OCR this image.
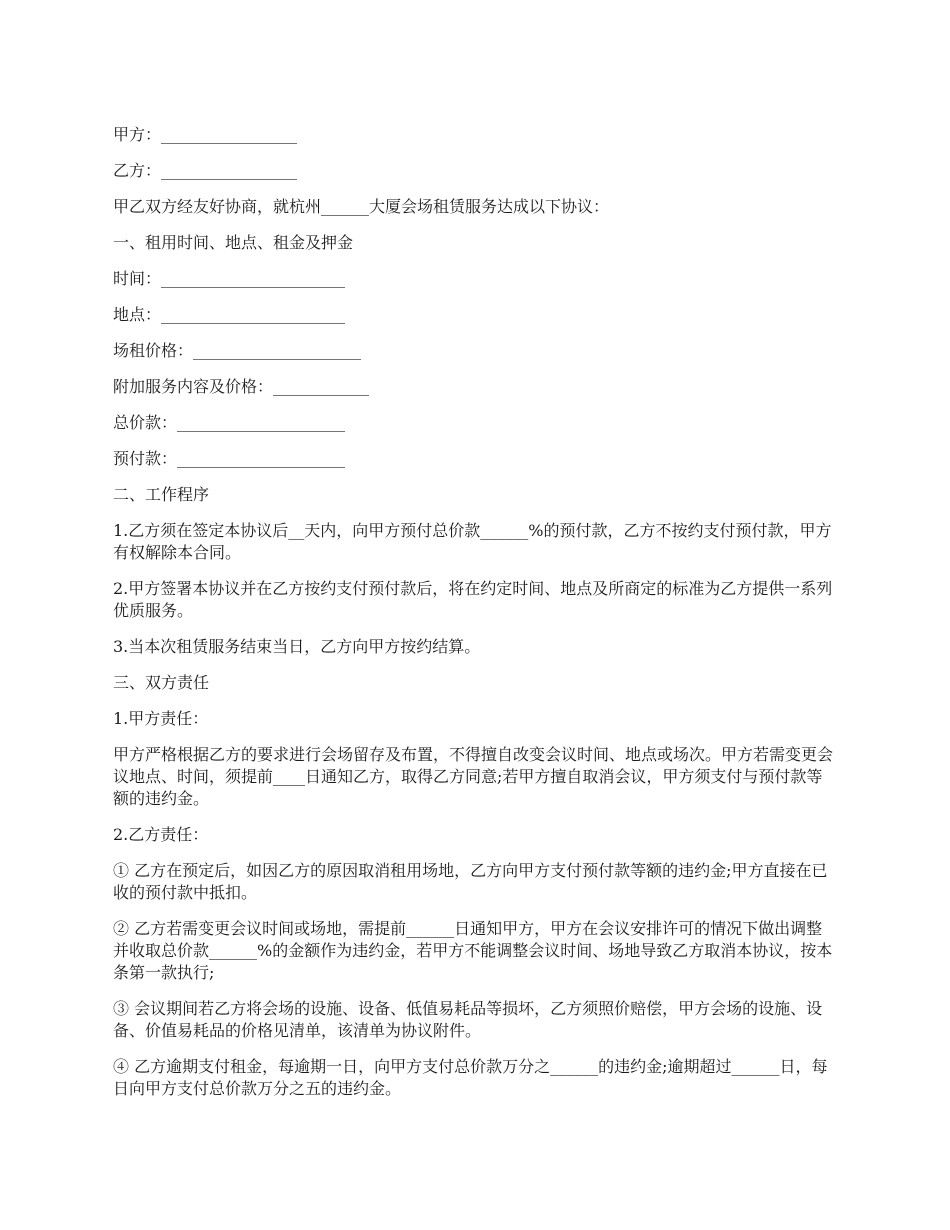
甲方：_________________

乙方：_________________

甲乙双方经友好协商，就杭州______大厦会场租赁服务达成以下协议：

一、租用时间、地点、租金及押金

时间：_______________________

地点：_______________________

场租价格：_____________________

附加服务内容及价格：____________

总价款：_____________________

预付款：_____________________

二、工作程序

1.乙方须在签定本协议后__天内，向甲方预付总价款______%的预付款，乙方不按约支付预付款，甲方有权解除本合同。

2.甲方签署本协议并在乙方按约支付预付款后，将在约定时间、地点及所商定的标准为乙方提供一系列优质服务。

3.当本次租赁服务结束当日，乙方向甲方按约结算。

三、双方责任

1.甲方责任：

甲方严格根据乙方的要求进行会场留存及布置，不得擅自改变会议时间、地点或场次。甲方若需变更会议地点、时间，须提前____日通知乙方，取得乙方同意;若甲方擅自取消会议，甲方须支付与预付款等额的违约金。

2.乙方责任：

① 乙方在预定后，如因乙方的原因取消租用场地，乙方向甲方支付预付款等额的违约金;甲方直接在已收的预付款中抵扣。

② 乙方若需变更会议时间或场地，需提前______日通知甲方，甲方在会议安排许可的情况下做出调整并收取总价款______%的金额作为违约金，若甲方不能调整会议时间、场地导致乙方取消本协议，按本条第一款执行;

③ 会议期间若乙方将会场的设施、设备、低值易耗品等损坏，乙方须照价赔偿，甲方会场的设施、设备、价值易耗品的价格见清单，该清单为协议附件。

④ 乙方逾期支付租金，每逾期一日，向甲方支付总价款万分之______的违约金;逾期超过______日，每日向甲方支付总价款万分之五的违约金。
